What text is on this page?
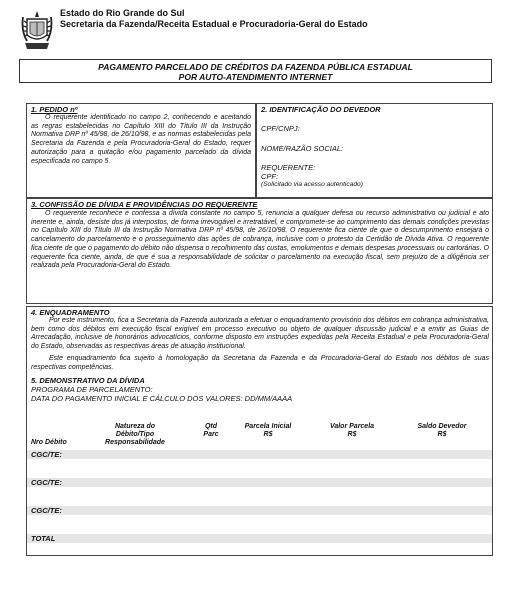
Estado do Rio Grande do Sul
Secretaria da Fazenda/Receita Estadual e Procuradoria-Geral do Estado
PAGAMENTO PARCELADO DE CRÉDITOS DA FAZENDA PÚBLICA ESTADUAL
POR AUTO-ATENDIMENTO INTERNET
1. PEDIDO nº
O requerente identificado no campo 2, conhecendo e aceitando as regras estabelecidas no Capítulo XIII do Título III da Instrução Normativa DRP nº 45/98, de 26/10/98, e as normas estabelecidas pela Secretaria da Fazenda e pela Procuradoria-Geral do Estado, requer autorização para a quitação e/ou pagamento parcelado da dívida especificada no campo 5.
2. IDENTIFICAÇÃO DO DEVEDOR
CPF/CNPJ:
NOME/RAZÃO SOCIAL:
REQUERENTE:
CPF:
(Solicitado via acesso autenticado)
3. CONFISSÃO DE DÍVIDA E PROVIDÊNCIAS DO REQUERENTE
O requerente reconhece e confessa a dívida constante no campo 5, renuncia a qualquer defesa ou recurso administrativo ou judicial e ato inerente e, ainda, desiste dos já interpostos, de forma irrevogável e irretratável, e compromete-se ao cumprimento das demais condições previstas no Capítulo XIII do Título III da Instrução Normativa DRP nº 45/98, de 26/10/98. O requerente fica ciente de que o descumprimento ensejará o cancelamento do parcelamento e o prosseguimento das ações de cobrança, inclusive com o protesto da Certidão de Dívida Ativa. O requerente fica ciente de que o pagamento do débito não dispensa o recolhimento das custas, emolumentos e demais despesas processuais ou cartorárias. O requerente fica ciente, ainda, de que é sua a responsabilidade de solicitar o parcelamento na execução fiscal, sem prejuízo de a diligência ser realizada pela Procuradoria-Geral do Estado.
4. ENQUADRAMENTO
Por este instrumento, fica a Secretaria da Fazenda autorizada a efetuar o enquadramento provisório dos débitos em cobrança administrativa, bem como dos débitos em execução fiscal exigível em processo executivo ou objeto de qualquer discussão judicial e a emitir as Guias de Arrecadação, inclusive de honorários advocatícios, conforme disposto em instruções expedidas pela Receita Estadual e pela Procuradoria-Geral do Estado, observadas as respectivas áreas de atuação institucional.
Este enquadramento fica sujeito à homologação da Secretaria da Fazenda e da Procuradoria-Geral do Estado nos débitos de suas respectivas competências.
5. DEMONSTRATIVO DA DÍVIDA
PROGRAMA DE PARCELAMENTO:
DATA DO PAGAMENTO INICIAL E CÁLCULO DOS VALORES: DD/MM/AAAA
Natureza do
Débito/Tipo
Responsabilidade
Qtd
Parc
Parcela Inicial
R$
Valor Parcela
R$
Saldo Devedor
R$
Nro Débito
CGC/TE:
CGC/TE:
CGC/TE:
TOTAL
